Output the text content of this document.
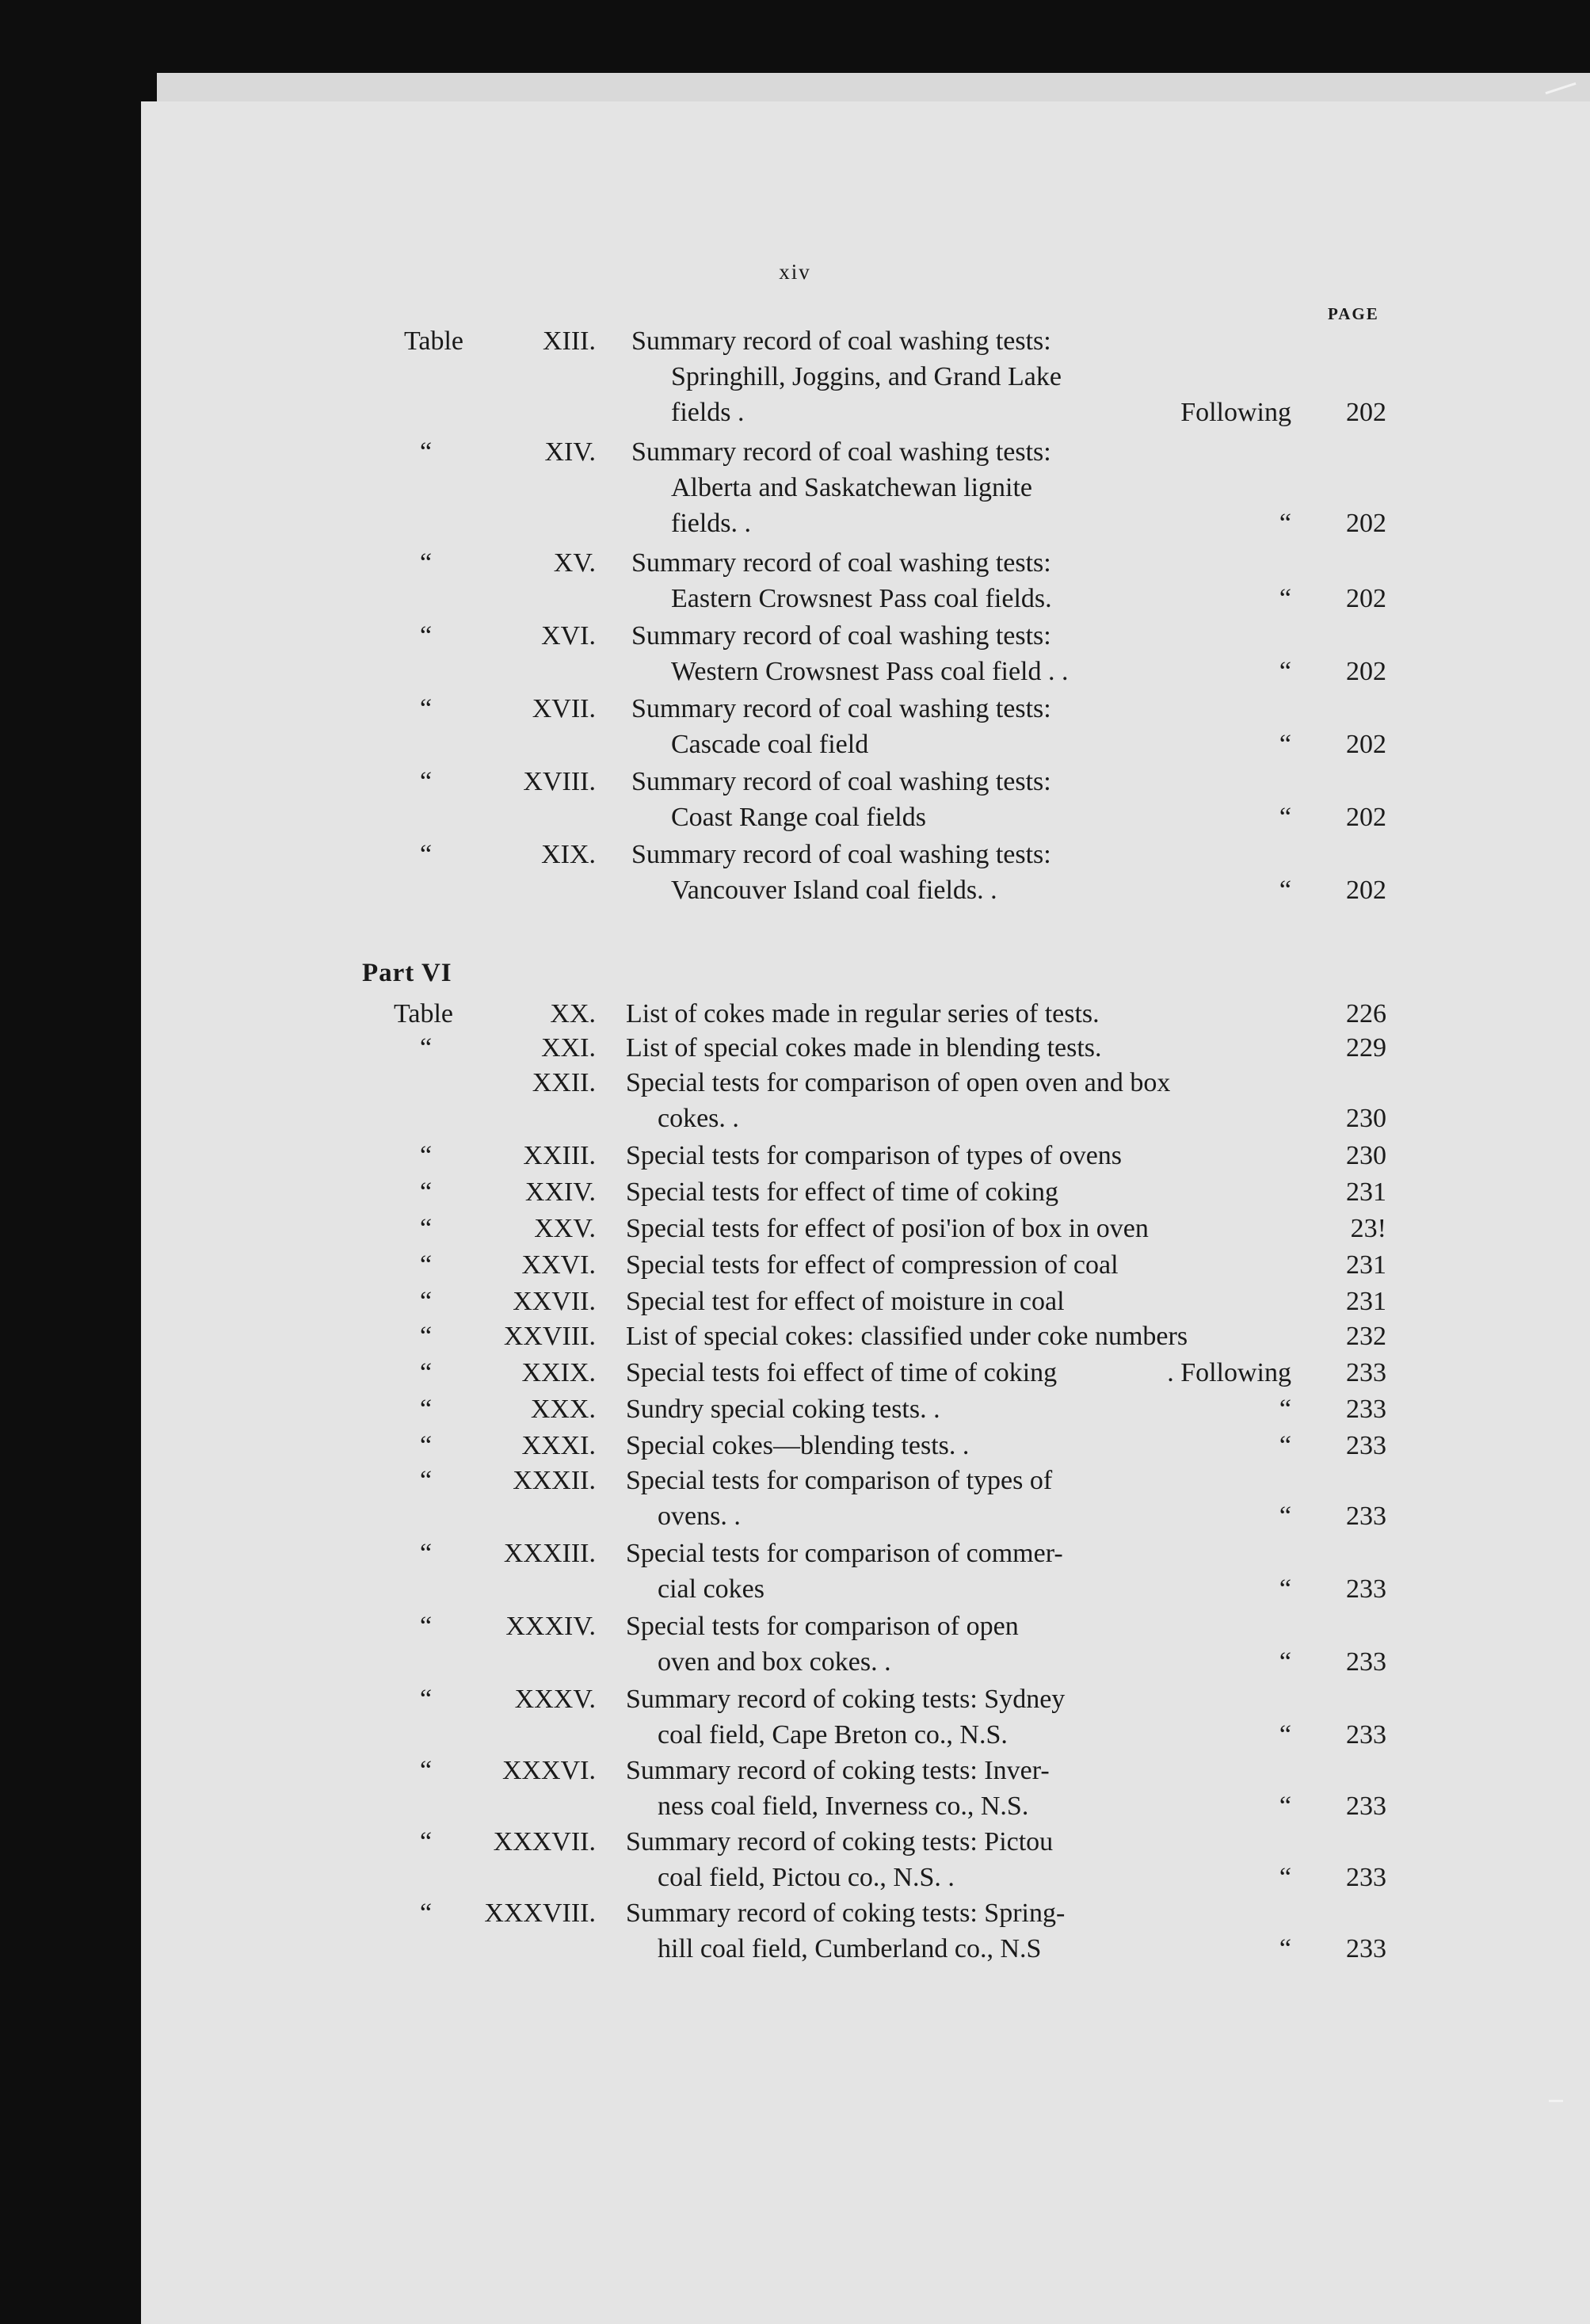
xiv
PAGE
Part VI
Table	XIII. Summary record of coal washing tests:
Springhill, Joggins, and Grand Lake
fields .	Following	202
“	XIV. Summary record of coal washing tests:
Alberta and Saskatchewan lignite
fields. .	“	202
“	XV. Summary record of coal washing tests:
Eastern Crowsnest Pass coal fields.	“	202
“	XVI. Summary record of coal washing tests:
Western Crowsnest Pass coal field . .	“	202
“	XVII. Summary record of coal washing tests:
Cascade coal field	“	202
“	XVIII. Summary record of coal washing tests:
Coast Range coal fields	“	202
“	XIX. Summary record of coal washing tests:
Vancouver Island coal fields. .	“	202
Table	XX. List of cokes made in regular series of tests.	226
“	XXI. List of special cokes made in blending tests.	229
XXII. Special tests for comparison of open oven and box
cokes. .	230
“	XXIII. Special tests for comparison of types of ovens	230
“	XXIV. Special tests for effect of time of coking	231
“	XXV. Special tests for effect of posi'ion of box in oven	23!
“	XXVI. Special tests for effect of compression of coal	231
“	XXVII. Special test for effect of moisture in coal	231
“	XXVIII. List of special cokes: classified under coke numbers	232
“	XXIX. Special tests foi effect of time of coking	. Following	233
“	XXX. Sundry special coking tests. .	“	233
“	XXXI. Special cokes—blending tests. .	“	233
“	XXXII. Special tests for comparison of types of
ovens. .	“	233
“	XXXIII. Special tests for comparison of commer-
cial cokes	“	233
“	XXXIV. Special tests for comparison of open
oven and box cokes. .	“	233
“	XXXV. Summary record of coking tests: Sydney
coal field, Cape Breton co., N.S.	“	233
“	XXXVI. Summary record of coking tests: Inver-
ness coal field, Inverness co., N.S.	“	233
“ XXXVII. Summary record of coking tests: Pictou
coal field, Pictou co., N.S. .	“	233
“ XXXVIII. Summary record of coking tests: Spring-
hill coal field, Cumberland co., N.S	“	233
